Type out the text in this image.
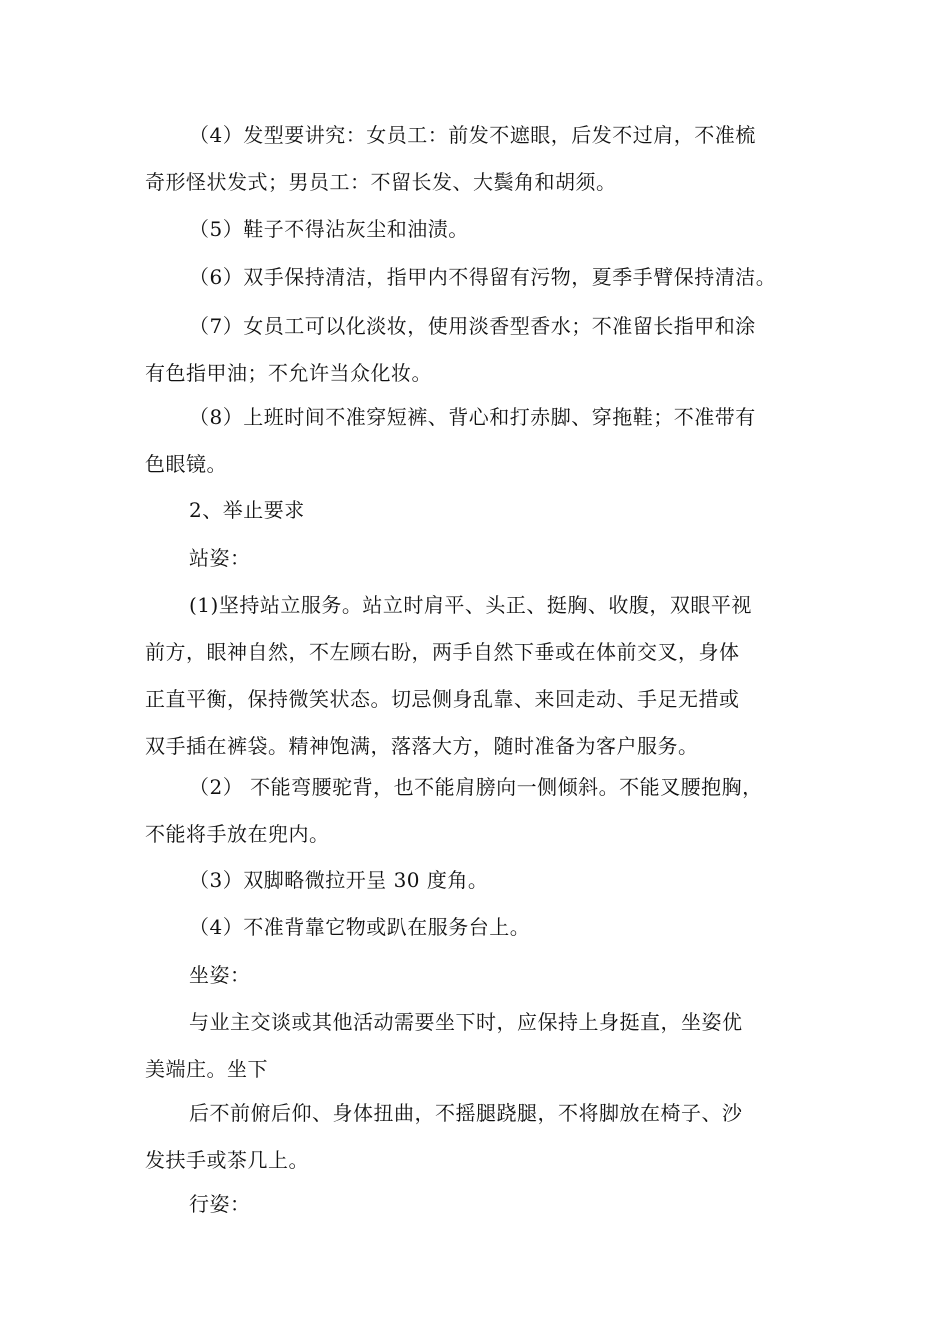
（4）发型要讲究：女员工：前发不遮眼，后发不过肩，不准梳
奇形怪状发式；男员工：不留长发、大鬓角和胡须。

（5）鞋子不得沾灰尘和油渍。

（6）双手保持清洁，指甲内不得留有污物，夏季手臂保持清洁。

（7）女员工可以化淡妆，使用淡香型香水；不准留长指甲和涂
有色指甲油；不允许当众化妆。

（8）上班时间不准穿短裤、背心和打赤脚、穿拖鞋；不准带有
色眼镜。

2、举止要求

站姿：

(1)坚持站立服务。站立时肩平、头正、挺胸、收腹，双眼平视
前方，眼神自然，不左顾右盼，两手自然下垂或在体前交叉，身体
正直平衡，保持微笑状态。切忌侧身乱靠、来回走动、手足无措或
双手插在裤袋。精神饱满，落落大方，随时准备为客户服务。

（2） 不能弯腰驼背，也不能肩膀向一侧倾斜。不能叉腰抱胸，
不能将手放在兜内。

（3）双脚略微拉开呈 30 度角。

（4）不准背靠它物或趴在服务台上。

坐姿：

与业主交谈或其他活动需要坐下时，应保持上身挺直，坐姿优
美端庄。坐下

后不前俯后仰、身体扭曲，不摇腿跷腿，不将脚放在椅子、沙
发扶手或茶几上。

行姿：
